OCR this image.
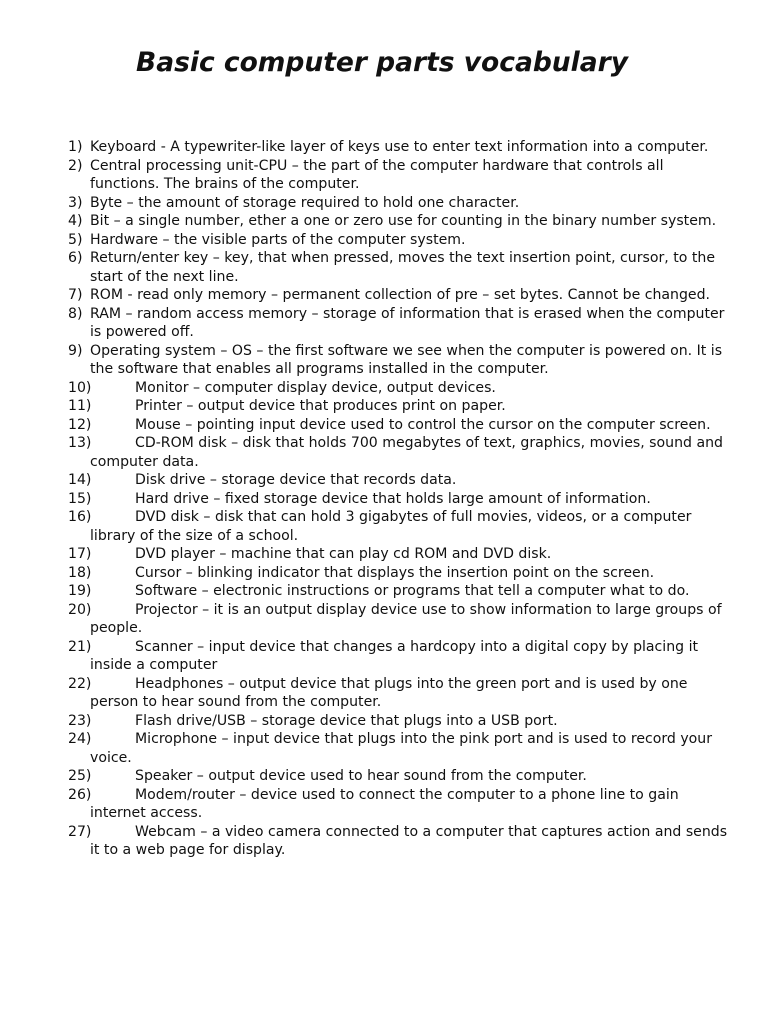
Basic computer parts vocabulary
1) Keyboard - A typewriter-like layer of keys use to enter text information into a computer.
2) Central processing unit-CPU – the part of the computer hardware that controls all functions. The brains of the computer.
3) Byte – the amount of storage required to hold one character.
4) Bit – a single number, ether a one or zero use for counting in the binary number system.
5) Hardware – the visible parts of the computer system.
6) Return/enter key – key, that when pressed, moves the text insertion point, cursor, to the start of the next line.
7) ROM - read only memory – permanent collection of pre – set bytes. Cannot be changed.
8) RAM – random access memory – storage of information that is erased when the computer is powered off.
9) Operating system – OS – the first software we see when the computer is powered on. It is the software that enables all programs installed in the computer.
10)	Monitor – computer display device, output devices.
11)	Printer – output device that produces print on paper.
12)	Mouse – pointing input device used to control the cursor on the computer screen.
13)	CD-ROM disk – disk that holds 700 megabytes of text, graphics, movies, sound and computer data.
14)	Disk drive – storage device that records data.
15)	Hard drive – fixed storage device that holds large amount of information.
16)	DVD disk – disk that can hold 3 gigabytes of full movies, videos, or a computer library of the size of a school.
17)	DVD player – machine that can play cd ROM and DVD disk.
18)	Cursor – blinking indicator that displays the insertion point on the screen.
19)	Software – electronic instructions or programs that tell a computer what to do.
20)	Projector – it is an output display device use to show information to large groups of people.
21)	Scanner – input device that changes a hardcopy into a digital copy by placing it inside a computer
22)	Headphones – output device that plugs into the green port and is used by one person to hear sound from the computer.
23)	Flash drive/USB – storage device that plugs into a USB port.
24)	Microphone – input device that plugs into the pink port and is used to record your voice.
25)	Speaker – output device used to hear sound from the computer.
26)	Modem/router – device used to connect the computer to a phone line to gain internet access.
27)	Webcam – a video camera connected to a computer that captures action and sends it to a web page for display.
